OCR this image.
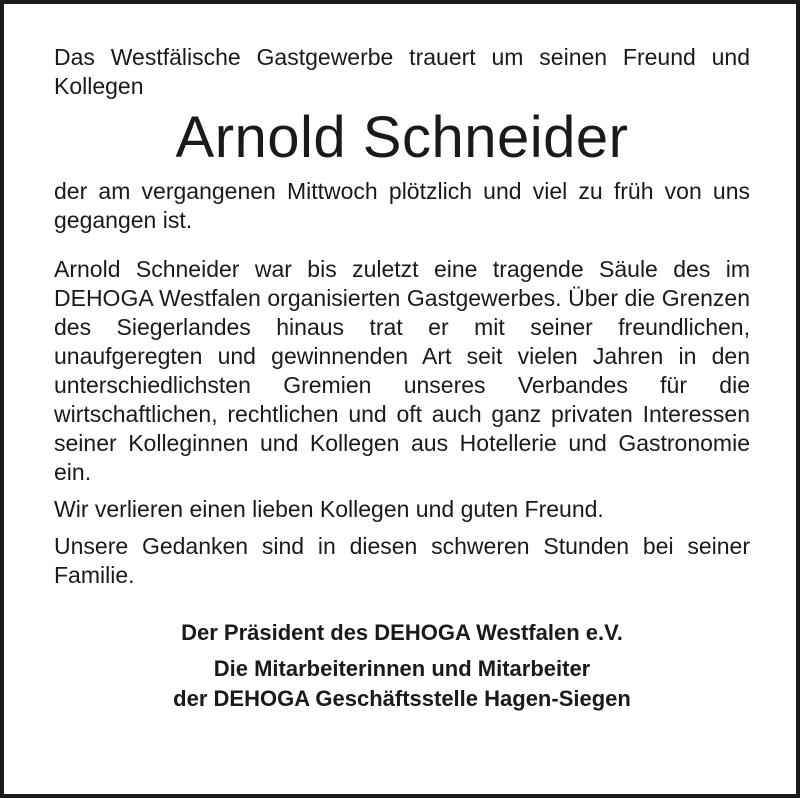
Das Westfälische Gastgewerbe trauert um seinen Freund und Kollegen

Arnold Schneider

der am vergangenen Mittwoch plötzlich und viel zu früh von uns gegangen ist.

Arnold Schneider war bis zuletzt eine tragende Säule des im DEHOGA Westfalen organisierten Gastgewerbes. Über die Grenzen des Siegerlandes hinaus trat er mit seiner freundlichen, unaufgeregten und gewinnenden Art seit vielen Jahren in den unterschiedlichsten Gremien unseres Verbandes für die wirtschaftlichen, rechtlichen und oft auch ganz privaten Interessen seiner Kolleginnen und Kollegen aus Hotellerie und Gastronomie ein.

Wir verlieren einen lieben Kollegen und guten Freund.

Unsere Gedanken sind in diesen schweren Stunden bei seiner Familie.

Der Präsident des DEHOGA Westfalen e.V.
Die Mitarbeiterinnen und Mitarbeiter
der DEHOGA Geschäftsstelle Hagen-Siegen
